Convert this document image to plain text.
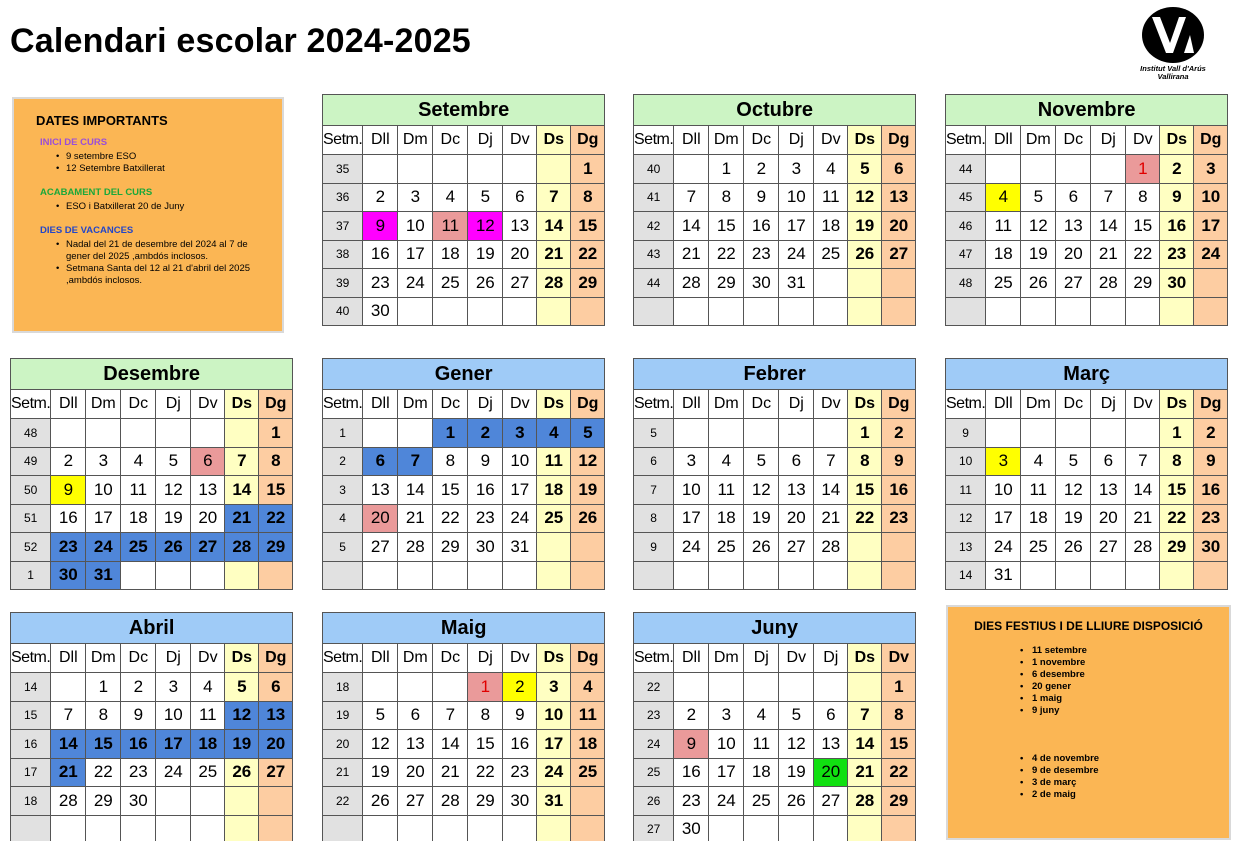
Calendari escolar 2024-2025
Institut Vall d'Arús
Vallirana
DATES IMPORTANTS
INICI DE CURS
• 9 setembre ESO
• 12 Setembre Batxillerat
ACABAMENT DEL CURS
• ESO i Batxillerat 20 de Juny
DIES DE VACANCES
• Nadal del 21 de desembre del 2024 al 7 de gener del 2025 ,ambdós inclosos.
• Setmana Santa del 12 al 21 d'abril del 2025 ,ambdós inclosos.
DIES FESTIUS I DE LLIURE DISPOSICIÓ
• 11 setembre
• 1 novembre
• 6 desembre
• 20 gener
• 1 maig
• 9 juny
• 4 de novembre
• 9 de desembre
• 3 de març
• 2 de maig
Setembre							
Setm.	Dll	Dm	Dc	Dj	Dv	Ds	Dg
35							1
36	2	3	4	5	6	7	8
37	9	10	11	12	13	14	15
38	16	17	18	19	20	21	22
39	23	24	25	26	27	28	29
40	30						
Octubre							
Setm.	Dll	Dm	Dc	Dj	Dv	Ds	Dg
40		1	2	3	4	5	6
41	7	8	9	10	11	12	13
42	14	15	16	17	18	19	20
43	21	22	23	24	25	26	27
44	28	29	30	31			

Novembre							
Setm.	Dll	Dm	Dc	Dj	Dv	Ds	Dg
44					1	2	3
45	4	5	6	7	8	9	10
46	11	12	13	14	15	16	17
47	18	19	20	21	22	23	24
48	25	26	27	28	29	30	

Desembre							
Setm.	Dll	Dm	Dc	Dj	Dv	Ds	Dg
48							1
49	2	3	4	5	6	7	8
50	9	10	11	12	13	14	15
51	16	17	18	19	20	21	22
52	23	24	25	26	27	28	29
1	30	31					
Gener							
Setm.	Dll	Dm	Dc	Dj	Dv	Ds	Dg
1			1	2	3	4	5
2	6	7	8	9	10	11	12
3	13	14	15	16	17	18	19
4	20	21	22	23	24	25	26
5	27	28	29	30	31		

Febrer							
Setm.	Dll	Dm	Dc	Dj	Dv	Ds	Dg
5						1	2
6	3	4	5	6	7	8	9
7	10	11	12	13	14	15	16
8	17	18	19	20	21	22	23
9	24	25	26	27	28		

Març							
Setm.	Dll	Dm	Dc	Dj	Dv	Ds	Dg
9						1	2
10	3	4	5	6	7	8	9
11	10	11	12	13	14	15	16
12	17	18	19	20	21	22	23
13	24	25	26	27	28	29	30
14	31						
Abril							
Setm.	Dll	Dm	Dc	Dj	Dv	Ds	Dg
14		1	2	3	4	5	6
15	7	8	9	10	11	12	13
16	14	15	16	17	18	19	20
17	21	22	23	24	25	26	27
18	28	29	30				

Maig							
Setm.	Dll	Dm	Dc	Dj	Dv	Ds	Dg
18				1	2	3	4
19	5	6	7	8	9	10	11
20	12	13	14	15	16	17	18
21	19	20	21	22	23	24	25
22	26	27	28	29	30	31	

Juny							
Setm.	Dll	Dm	Dj	Dv	Dj	Ds	Dv
22							1
23	2	3	4	5	6	7	8
24	9	10	11	12	13	14	15
25	16	17	18	19	20	21	22
26	23	24	25	26	27	28	29
27	30						
